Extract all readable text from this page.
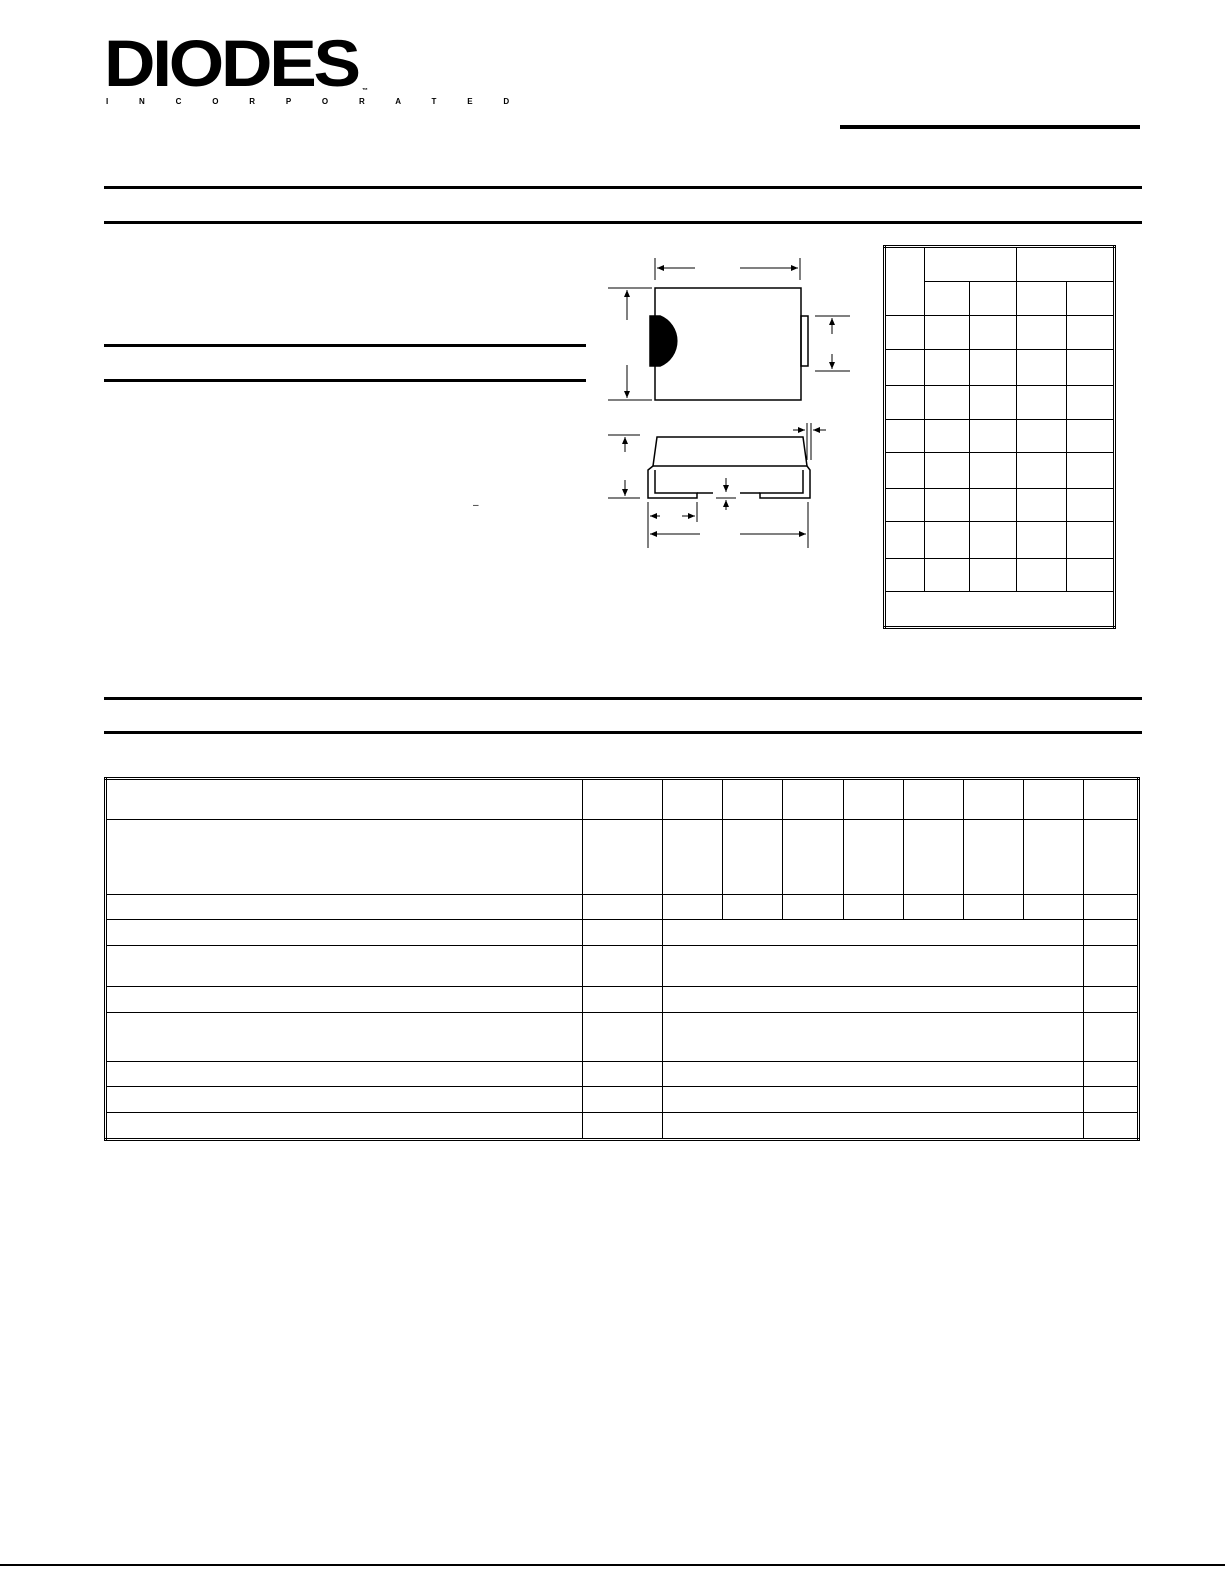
DIODES
I N C O R P O R A T E D
™
–
